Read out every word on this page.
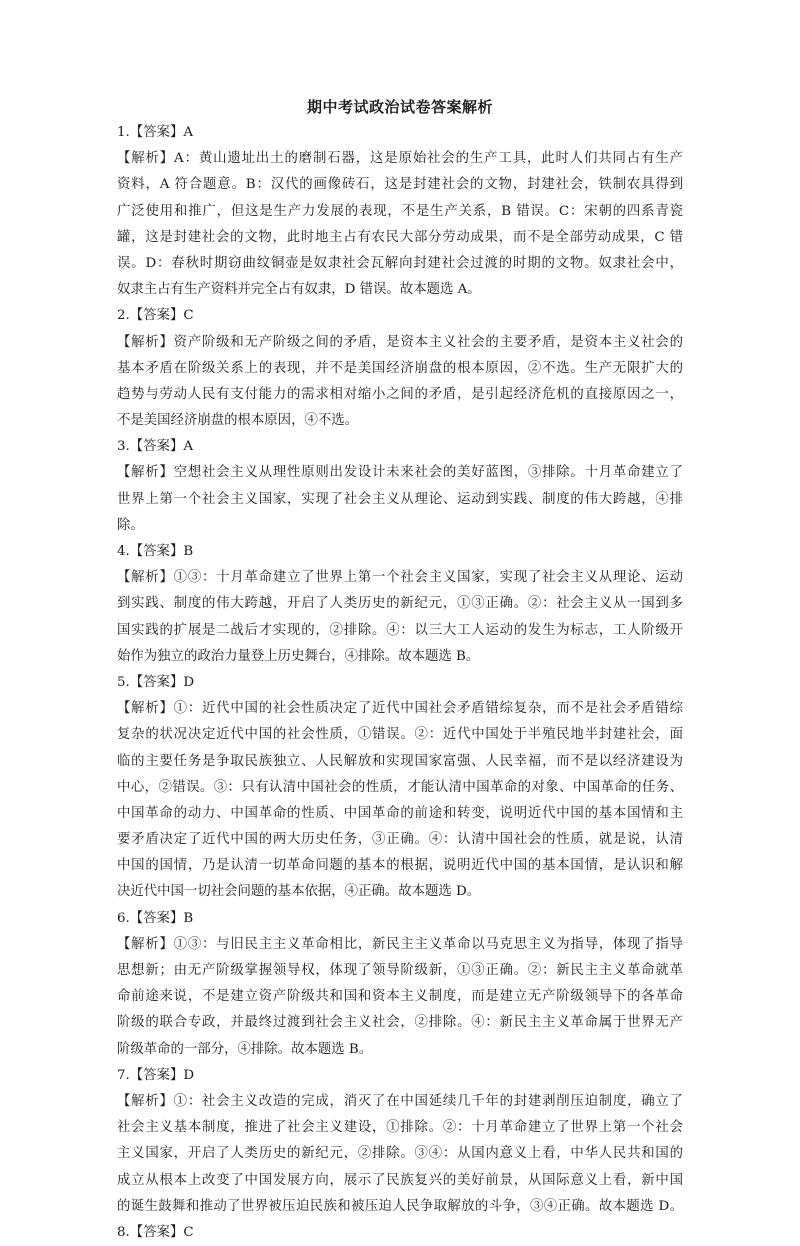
期中考试政治试卷答案解析
1.【答案】A
【解析】A：黄山遗址出土的磨制石器，这是原始社会的生产工具，此时人们共同占有生产
资料，A 符合题意。B：汉代的画像砖石，这是封建社会的文物，封建社会，铁制农具得到
广泛使用和推广，但这是生产力发展的表现，不是生产关系，B 错误。C：宋朝的四系青瓷
罐，这是封建社会的文物，此时地主占有农民大部分劳动成果，而不是全部劳动成果，C 错
误。D：春秋时期窃曲纹铜壶是奴隶社会瓦解向封建社会过渡的时期的文物。奴隶社会中，
奴隶主占有生产资料并完全占有奴隶，D 错误。故本题选 A。
2.【答案】C
【解析】资产阶级和无产阶级之间的矛盾，是资本主义社会的主要矛盾，是资本主义社会的
基本矛盾在阶级关系上的表现，并不是美国经济崩盘的根本原因，②不选。生产无限扩大的
趋势与劳动人民有支付能力的需求相对缩小之间的矛盾，是引起经济危机的直接原因之一，
不是美国经济崩盘的根本原因，④不选。
3.【答案】A
【解析】空想社会主义从理性原则出发设计未来社会的美好蓝图，③排除。十月革命建立了
世界上第一个社会主义国家，实现了社会主义从理论、运动到实践、制度的伟大跨越，④排
除。
4.【答案】B
【解析】①③：十月革命建立了世界上第一个社会主义国家，实现了社会主义从理论、运动
到实践、制度的伟大跨越，开启了人类历史的新纪元，①③正确。②：社会主义从一国到多
国实践的扩展是二战后才实现的，②排除。④：以三大工人运动的发生为标志，工人阶级开
始作为独立的政治力量登上历史舞台，④排除。故本题选 B。
5.【答案】D
【解析】①：近代中国的社会性质决定了近代中国社会矛盾错综复杂，而不是社会矛盾错综
复杂的状况决定近代中国的社会性质，①错误。②：近代中国处于半殖民地半封建社会，面
临的主要任务是争取民族独立、人民解放和实现国家富强、人民幸福，而不是以经济建设为
中心，②错误。③：只有认清中国社会的性质，才能认清中国革命的对象、中国革命的任务、
中国革命的动力、中国革命的性质、中国革命的前途和转变，说明近代中国的基本国情和主
要矛盾决定了近代中国的两大历史任务，③正确。④：认清中国社会的性质，就是说，认清
中国的国情，乃是认清一切革命问题的基本的根据，说明近代中国的基本国情，是认识和解
决近代中国一切社会问题的基本依据，④正确。故本题选 D。
6.【答案】B
【解析】①③：与旧民主主义革命相比，新民主主义革命以马克思主义为指导，体现了指导
思想新；由无产阶级掌握领导权，体现了领导阶级新，①③正确。②：新民主主义革命就革
命前途来说，不是建立资产阶级共和国和资本主义制度，而是建立无产阶级领导下的各革命
阶级的联合专政，并最终过渡到社会主义社会，②排除。④：新民主主义革命属于世界无产
阶级革命的一部分，④排除。故本题选 B。
7.【答案】D
【解析】①：社会主义改造的完成，消灭了在中国延续几千年的封建剥削压迫制度，确立了
社会主义基本制度，推进了社会主义建设，①排除。②：十月革命建立了世界上第一个社会
主义国家，开启了人类历史的新纪元，②排除。③④：从国内意义上看，中华人民共和国的
成立从根本上改变了中国发展方向，展示了民族复兴的美好前景，从国际意义上看，新中国
的诞生鼓舞和推动了世界被压迫民族和被压迫人民争取解放的斗争，③④正确。故本题选 D。
8.【答案】C
